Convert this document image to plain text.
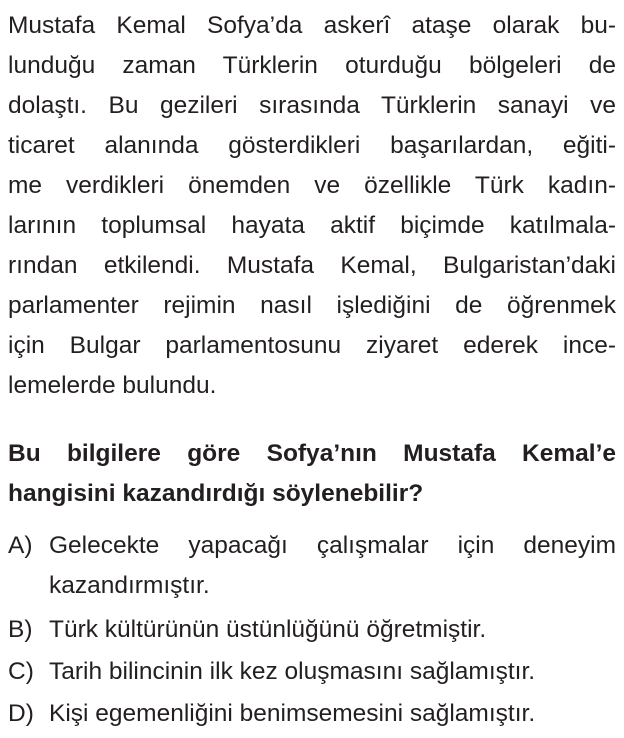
Mustafa Kemal Sofya’da askerî ataşe olarak bu-
lunduğu zaman Türklerin oturduğu bölgeleri de
dolaştı. Bu gezileri sırasında Türklerin sanayi ve
ticaret alanında gösterdikleri başarılardan, eğiti-
me verdikleri önemden ve özellikle Türk kadın-
larının toplumsal hayata aktif biçimde katılmala-
rından etkilendi. Mustafa Kemal, Bulgaristan’daki
parlamenter rejimin nasıl işlediğini de öğrenmek
için Bulgar parlamentosunu ziyaret ederek ince-
lemelerde bulundu.
Bu bilgilere göre Sofya’nın Mustafa Kemal’e
hangisini kazandırdığı söylenebilir?
A) Gelecekte yapacağı çalışmalar için deneyim
kazandırmıştır.
B) Türk kültürünün üstünlüğünü öğretmiştir.
C) Tarih bilincinin ilk kez oluşmasını sağlamıştır.
D) Kişi egemenliğini benimsemesini sağlamıştır.
